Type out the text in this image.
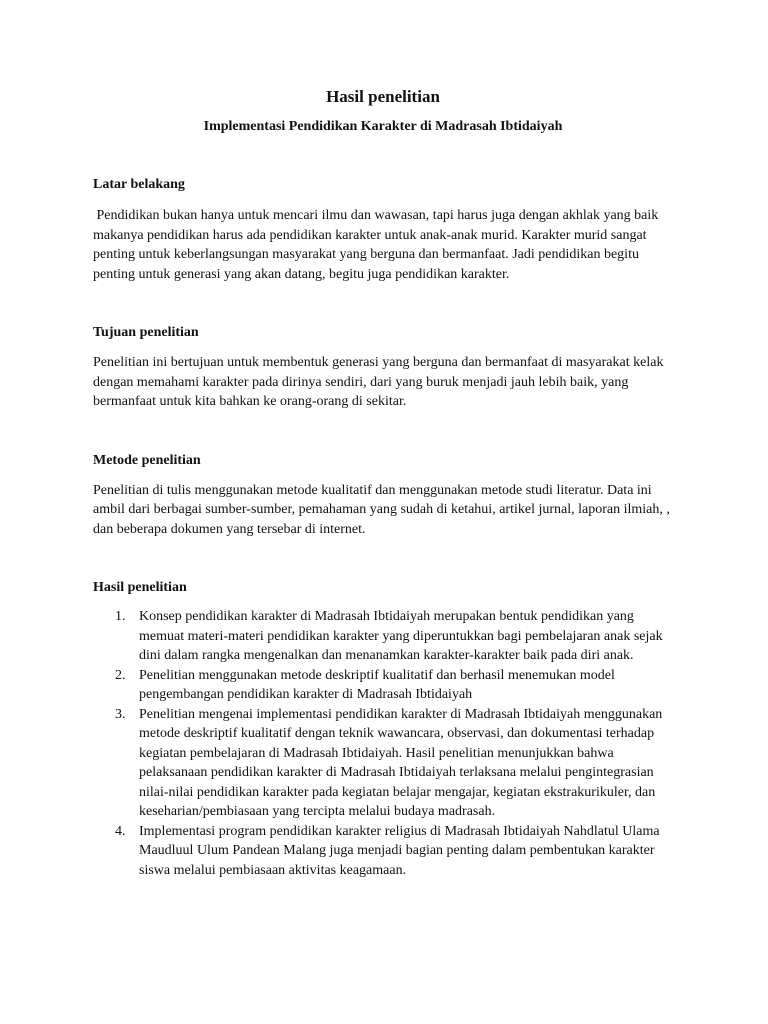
Hasil penelitian
Implementasi Pendidikan Karakter di Madrasah Ibtidaiyah
Latar belakang

Pendidikan bukan hanya untuk mencari ilmu dan wawasan, tapi harus juga dengan akhlak yang baik makanya pendidikan harus ada pendidikan karakter untuk anak-anak murid. Karakter murid sangat penting untuk keberlangsungan masyarakat yang berguna dan bermanfaat. Jadi pendidikan begitu penting untuk generasi yang akan datang, begitu juga pendidikan karakter.

Tujuan penelitian

Penelitian ini bertujuan untuk membentuk generasi yang berguna dan bermanfaat di masyarakat kelak dengan memahami karakter pada dirinya sendiri, dari yang buruk menjadi jauh lebih baik, yang bermanfaat untuk kita bahkan ke orang-orang di sekitar.

Metode penelitian

Penelitian di tulis menggunakan metode kualitatif dan menggunakan metode studi literatur. Data ini ambil dari berbagai sumber-sumber, pemahaman yang sudah di ketahui, artikel jurnal, laporan ilmiah, , dan beberapa dokumen yang tersebar di internet.

Hasil penelitian
1. Konsep pendidikan karakter di Madrasah Ibtidaiyah merupakan bentuk pendidikan yang memuat materi-materi pendidikan karakter yang diperuntukkan bagi pembelajaran anak sejak dini dalam rangka mengenalkan dan menanamkan karakter-karakter baik pada diri anak.
2. Penelitian menggunakan metode deskriptif kualitatif dan berhasil menemukan model pengembangan pendidikan karakter di Madrasah Ibtidaiyah
3. Penelitian mengenai implementasi pendidikan karakter di Madrasah Ibtidaiyah menggunakan metode deskriptif kualitatif dengan teknik wawancara, observasi, dan dokumentasi terhadap kegiatan pembelajaran di Madrasah Ibtidaiyah. Hasil penelitian menunjukkan bahwa pelaksanaan pendidikan karakter di Madrasah Ibtidaiyah terlaksana melalui pengintegrasian nilai-nilai pendidikan karakter pada kegiatan belajar mengajar, kegiatan ekstrakurikuler, dan keseharian/pembiasaan yang tercipta melalui budaya madrasah.
4. Implementasi program pendidikan karakter religius di Madrasah Ibtidaiyah Nahdlatul Ulama Maudluul Ulum Pandean Malang juga menjadi bagian penting dalam pembentukan karakter siswa melalui pembiasaan aktivitas keagamaan.
